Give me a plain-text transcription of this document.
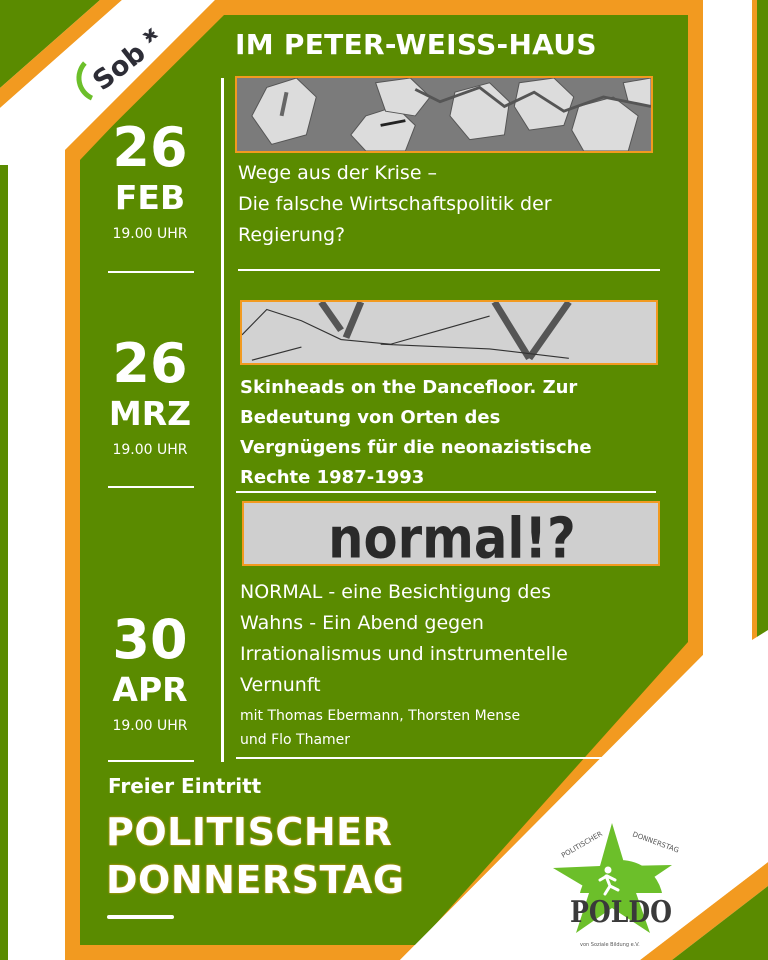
Sob
ӿ	IM PETER-WEISS-HAUS
Wege aus der Krise –
Die falsche Wirtschaftspolitik der
Regierung?
26
FEB
19.00 UHR
Skinheads on the Dancefloor. Zur
Bedeutung von Orten des
Vergnügens für die neonazistische
Rechte 1987-1993
26
MRZ
19.00 UHR
normal!?
NORMAL - eine Besichtigung des
Wahns - Ein Abend gegen
Irrationalismus und instrumentelle
Vernunft
mit Thomas Ebermann, Thorsten Mense
und Flo Thamer
30
APR
19.00 UHR
Freier Eintritt
POLITISCHER
DONNERSTAG
POLITISCHER	DONNERSTAG
POLDO
von Soziale Bildung e.V.
